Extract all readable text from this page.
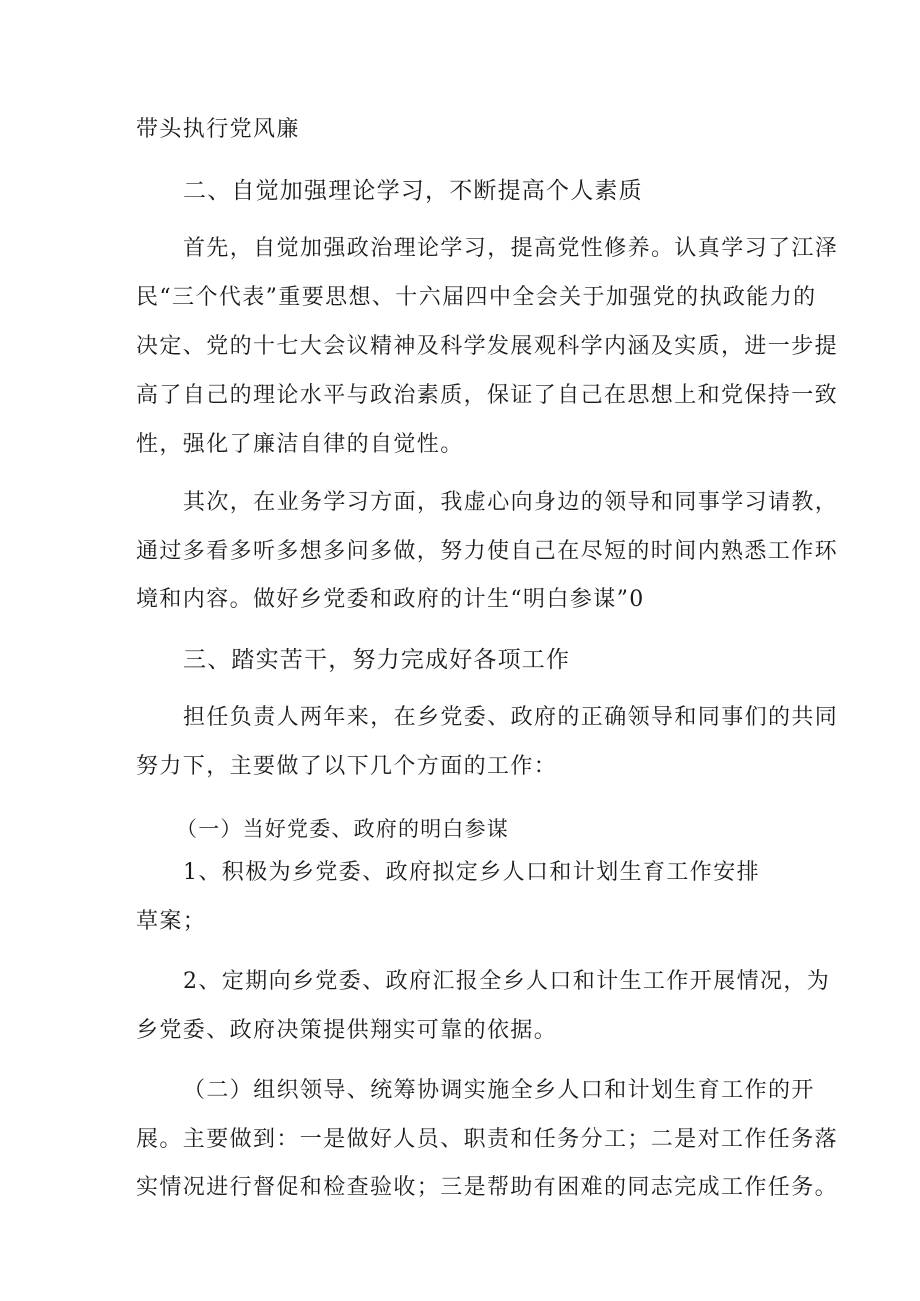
带头执行党风廉
二、自觉加强理论学习，不断提高个人素质
首先，自觉加强政治理论学习，提高党性修养。认真学习了江泽
民“三个代表”重要思想、十六届四中全会关于加强党的执政能力的
决定、党的十七大会议精神及科学发展观科学内涵及实质，进一步提
高了自己的理论水平与政治素质，保证了自己在思想上和党保持一致
性，强化了廉洁自律的自觉性。
其次，在业务学习方面，我虚心向身边的领导和同事学习请教，
通过多看多听多想多问多做，努力使自己在尽短的时间内熟悉工作环
境和内容。做好乡党委和政府的计生“明白参谋”0
三、踏实苦干，努力完成好各项工作
担任负责人两年来，在乡党委、政府的正确领导和同事们的共同
努力下，主要做了以下几个方面的工作：
（一）当好党委、政府的明白参谋
1、积极为乡党委、政府拟定乡人口和计划生育工作安排
草案；
2、定期向乡党委、政府汇报全乡人口和计生工作开展情况，为
乡党委、政府决策提供翔实可靠的依据。
（二）组织领导、统筹协调实施全乡人口和计划生育工作的开
展。主要做到：一是做好人员、职责和任务分工；二是对工作任务落
实情况进行督促和检查验收；三是帮助有困难的同志完成工作任务。
